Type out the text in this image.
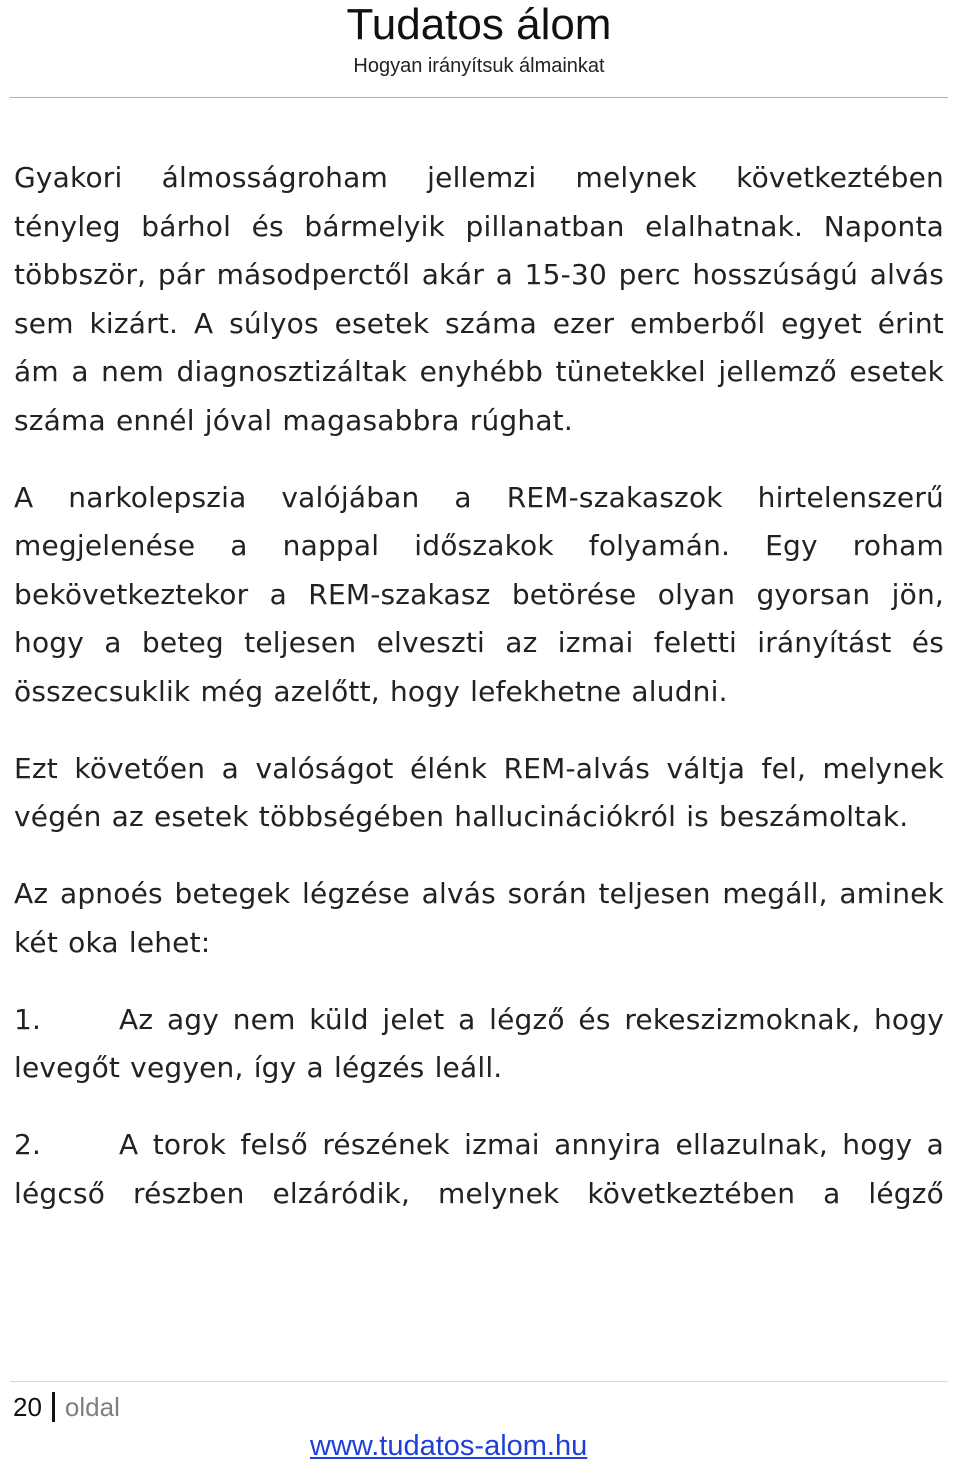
Tudatos álom
Hogyan irányítsuk álmainkat

Gyakori álmosságroham jellemzi melynek következtében tényleg bárhol és bármelyik pillanatban elalhatnak. Naponta többször, pár másodperctől akár a 15-30 perc hosszúságú alvás sem kizárt. A súlyos esetek száma ezer emberből egyet érint ám a nem diagnosztizáltak enyhébb tünetekkel jellemző esetek száma ennél jóval magasabbra rúghat.

A narkolepszia valójában a REM-szakaszok hirtelenszerű megjelenése a nappal időszakok folyamán. Egy roham bekövetkeztekor a REM-szakasz betörése olyan gyorsan jön, hogy a beteg teljesen elveszti az izmai feletti irányítást és összecsuklik még azelőtt, hogy lefekhetne aludni.

Ezt követően a valóságot élénk REM-alvás váltja fel, melynek végén az esetek többségében hallucinációkról is beszámoltak.

Az apnoés betegek légzése alvás során teljesen megáll, aminek két oka lehet:

1.	Az agy nem küld jelet a légző és rekeszizmoknak, hogy levegőt vegyen, így a légzés leáll.

2.	A torok felső részének izmai annyira ellazulnak, hogy a légcső részben elzáródik, melynek következtében a légző

20 oldal
www.tudatos-alom.hu
